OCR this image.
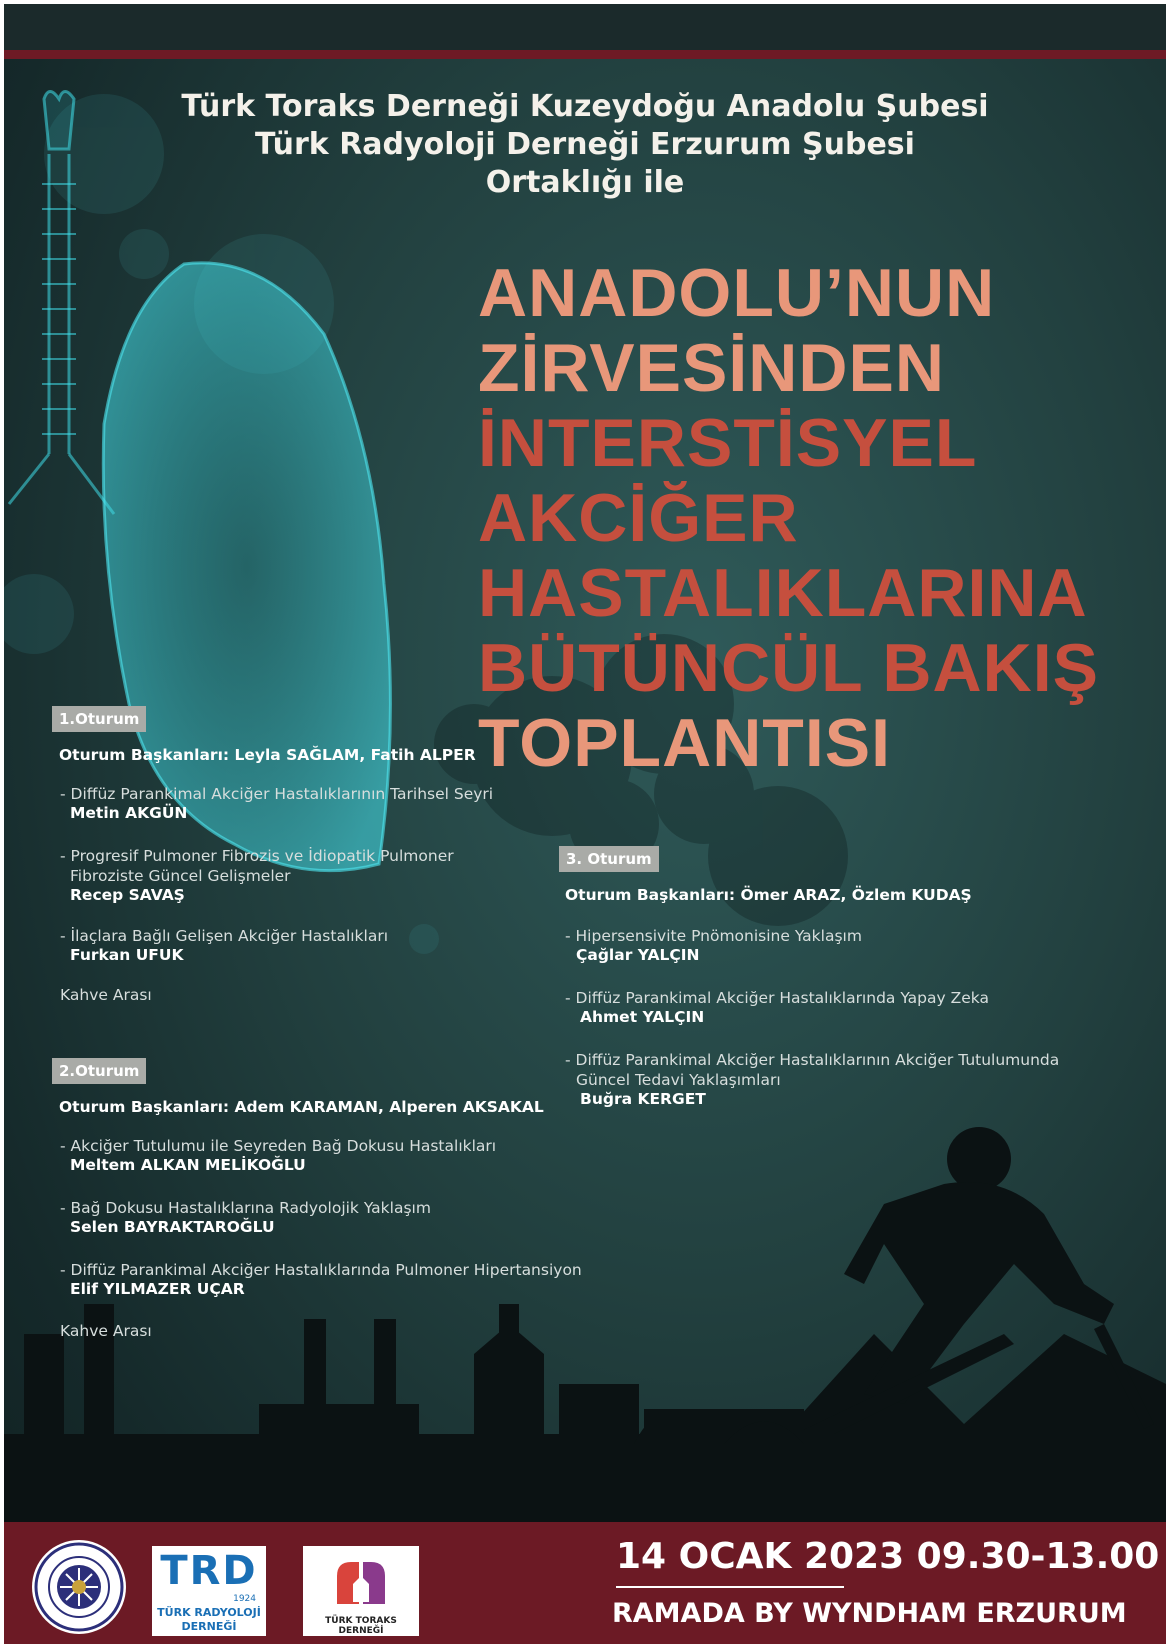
Türk Toraks Derneği Kuzeydoğu Anadolu Şubesi
Türk Radyoloji Derneği Erzurum Şubesi
Ortaklığı ile
ANADOLU’NUN
ZİRVESİNDEN
İNTERSTİSYEL
AKCİĞER
HASTALIKLARINA
BÜTÜNCÜL BAKIŞ
TOPLANTISI
1.Oturum
Oturum Başkanları: Leyla SAĞLAM, Fatih ALPER
- Diffüz Parankimal Akciğer Hastalıklarının Tarihsel Seyri
Metin AKGÜN
- Progresif Pulmoner Fibrozis ve İdiopatik Pulmoner
Fibroziste Güncel Gelişmeler
Recep SAVAŞ
- İlaçlara Bağlı Gelişen Akciğer Hastalıkları
Furkan UFUK
Kahve Arası
2.Oturum
Oturum Başkanları: Adem KARAMAN, Alperen AKSAKAL
- Akciğer Tutulumu ile Seyreden Bağ Dokusu Hastalıkları
Meltem ALKAN MELİKOĞLU
- Bağ Dokusu Hastalıklarına Radyolojik Yaklaşım
Selen BAYRAKTAROĞLU
- Diffüz Parankimal Akciğer Hastalıklarında Pulmoner Hipertansiyon
Elif YILMAZER UÇAR
Kahve Arası
3. Oturum
Oturum Başkanları: Ömer ARAZ, Özlem KUDAŞ
- Hipersensivite Pnömonisine Yaklaşım
Çağlar YALÇIN
- Diffüz Parankimal Akciğer Hastalıklarında Yapay Zeka
Ahmet YALÇIN
- Diffüz Parankimal Akciğer Hastalıklarının Akciğer Tutulumunda
Güncel Tedavi Yaklaşımları
Buğra KERGET
TRD
1924
TÜRK RADYOLOJİ
DERNEĞİ	TÜRK TORAKS DERNEĞİ
14 OCAK 2023 09.30-13.00
RAMADA BY WYNDHAM ERZURUM
